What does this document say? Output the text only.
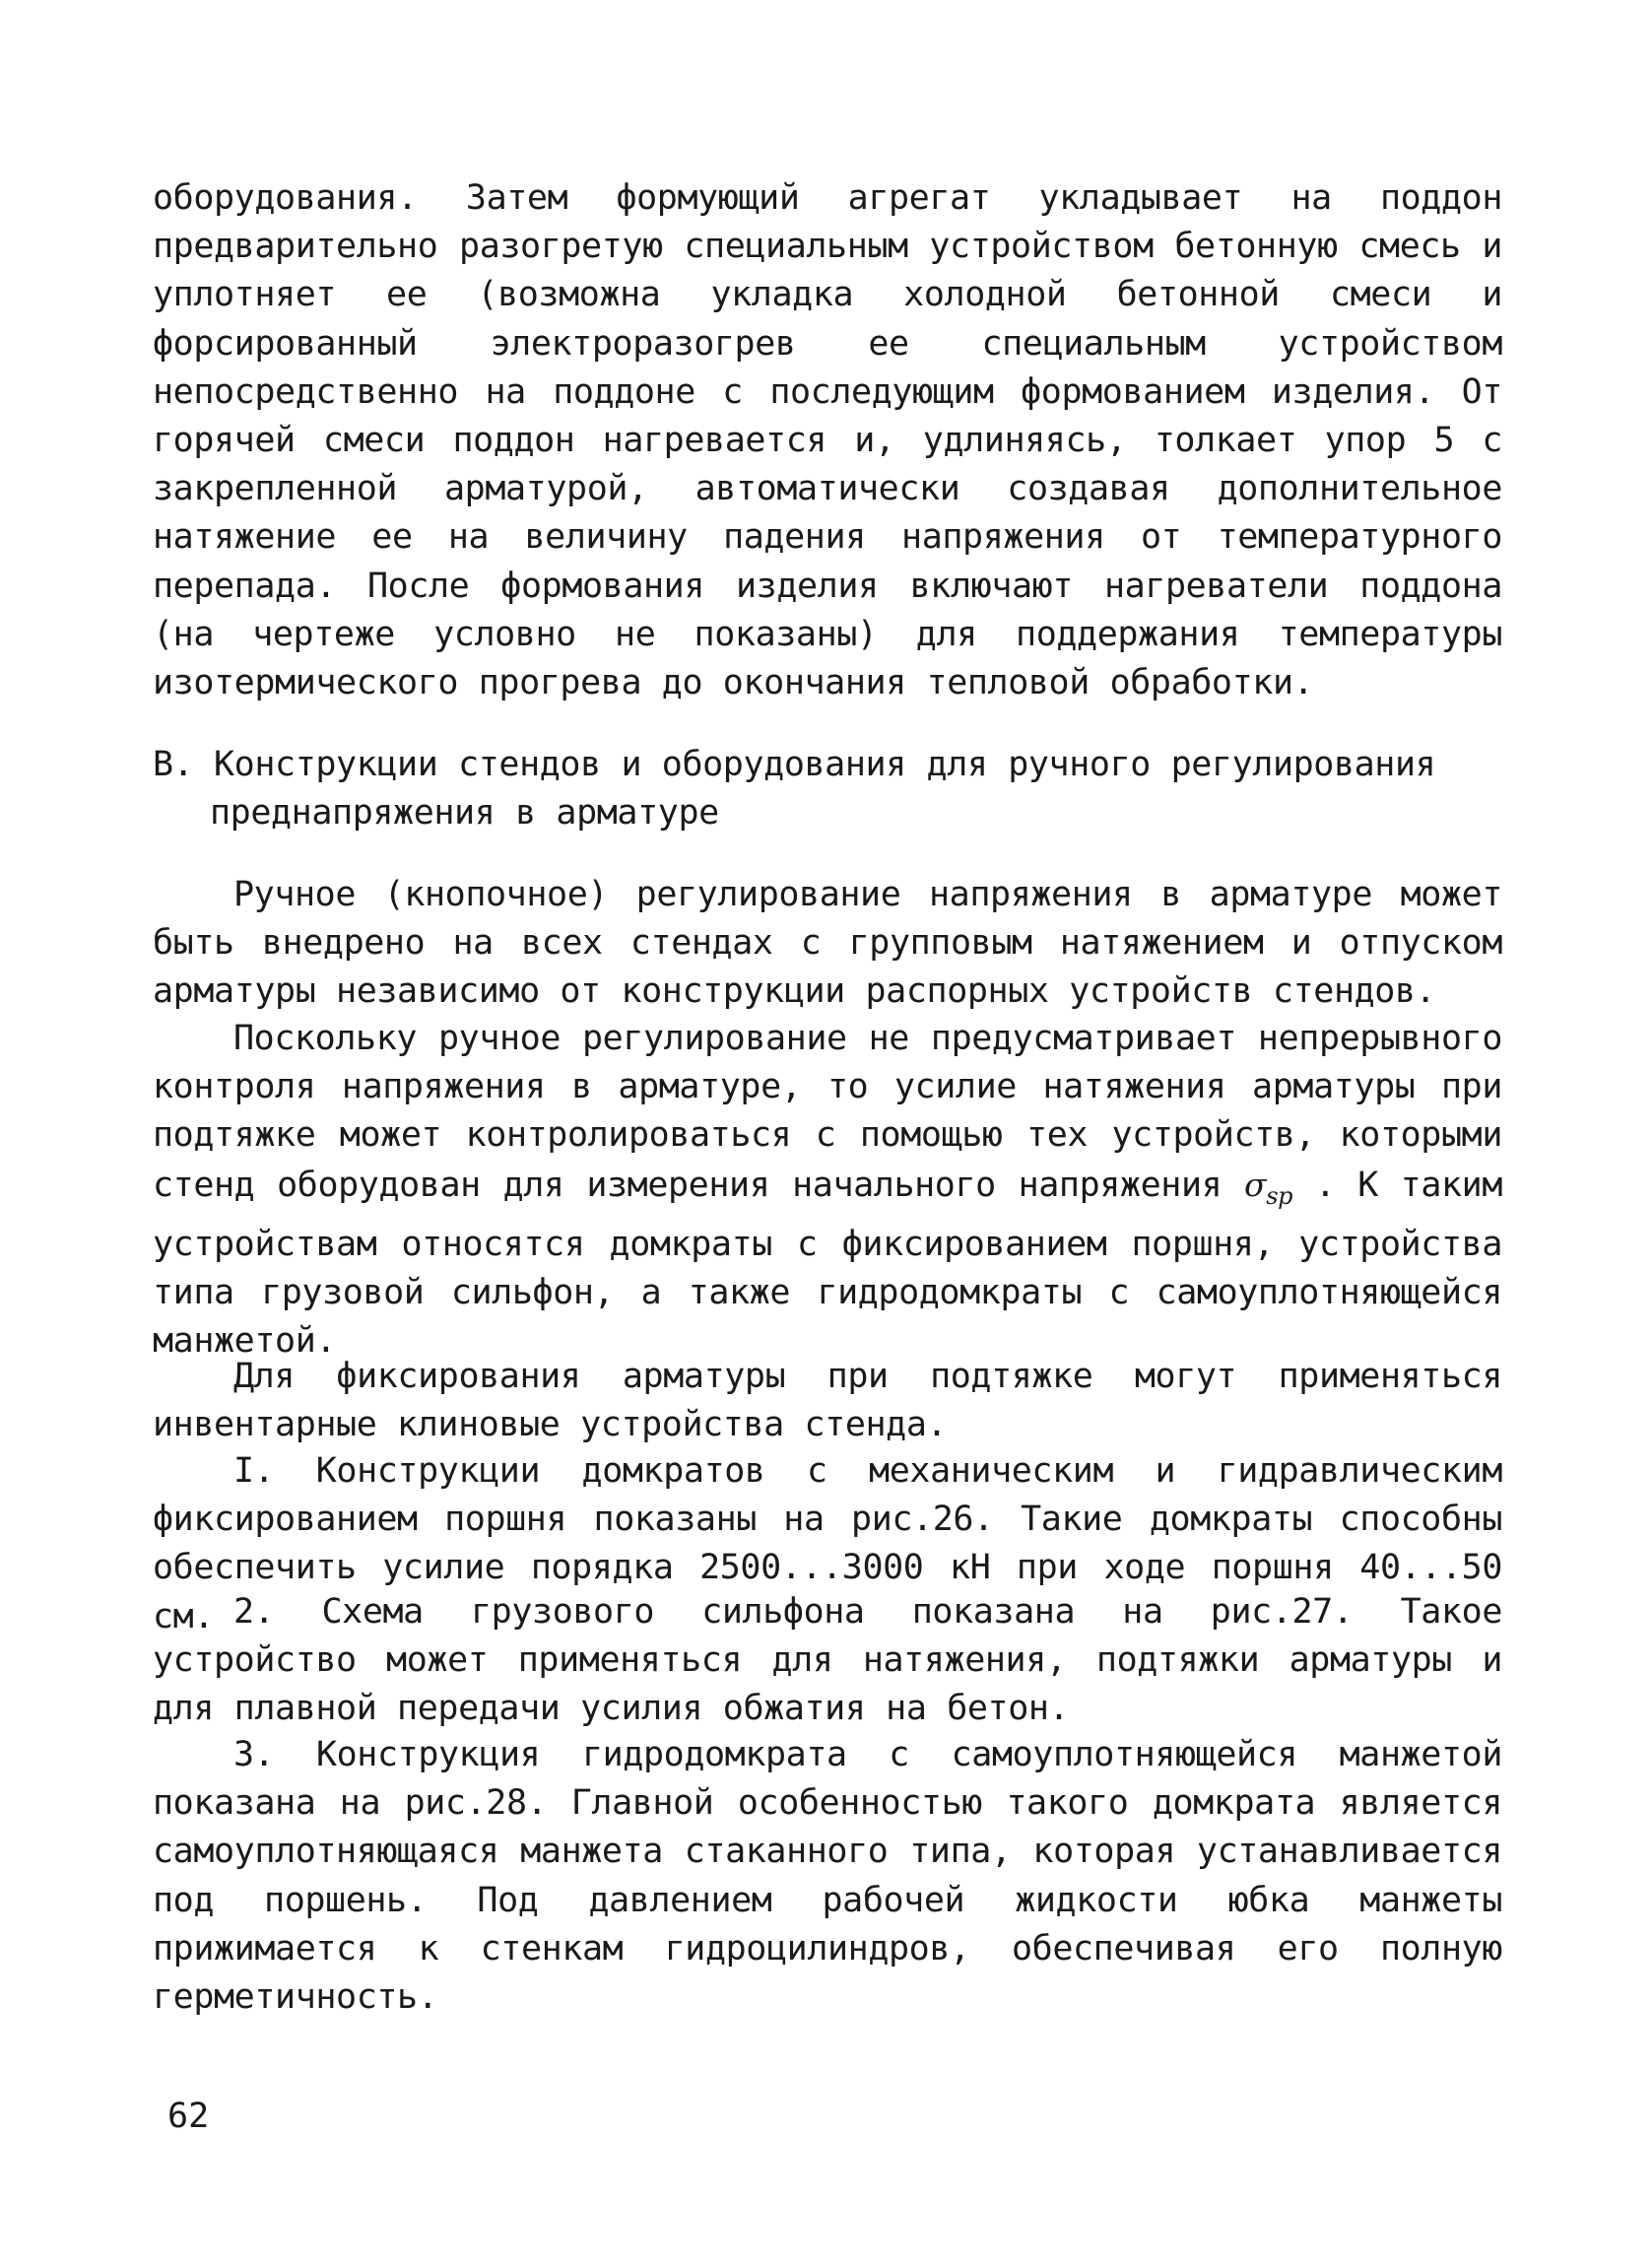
оборудования. Затем формующий агрегат укладывает на поддон предварительно разогретую специальным устройством бетонную смесь и уплотняет ее (возможна укладка холодной бетонной смеси и форсированный электроразогрев ее специальным устройством непосредственно на поддоне с последующим формованием изделия. От горячей смеси поддон нагревается и, удлиняясь, толкает упор 5 с закрепленной арматурой, автоматически создавая дополнительное натяжение ее на величину падения напряжения от температурного перепада. После формования изделия включают нагреватели поддона (на чертеже условно не показаны) для поддержания температуры изотермического прогрева до окончания тепловой обработки.

В. Конструкции стендов и оборудования для ручного регулирования
преднапряжения в арматуре

Ручное (кнопочное) регулирование напряжения в арматуре может быть внедрено на всех стендах с групповым натяжением и отпуском арматуры независимо от конструкции распорных устройств стендов.

Поскольку ручное регулирование не предусматривает непрерывного контроля напряжения в арматуре, то усилие натяжения арматуры при подтяжке может контролироваться с помощью тех устройств, которыми стенд оборудован для измерения начального напряжения $\sigma_{sp}$ . К таким устройствам относятся домкраты с фиксированием поршня, устройства типа грузовой сильфон, а также гидродомкраты с самоуплотняющейся манжетой.

Для фиксирования арматуры при подтяжке могут применяться инвентарные клиновые устройства стенда.

I. Конструкции домкратов с механическим и гидравлическим фиксированием поршня показаны на рис.26. Такие домкраты способны обеспечить усилие порядка 2500...3000 кН при ходе поршня 40...50 см. 2. Схема грузового сильфона показана на рис.27. Такое устройство может применяться для натяжения, подтяжки арматуры и для плавной передачи усилия обжатия на бетон.

3. Конструкция гидродомкрата с самоуплотняющейся манжетой показана на рис.28. Главной особенностью такого домкрата является самоуплотняющаяся манжета стаканного типа, которая устанавливается под поршень. Под давлением рабочей жидкости юбка манжеты прижимается к стенкам гидроцилиндров, обеспечивая его полную герметичность.

62
